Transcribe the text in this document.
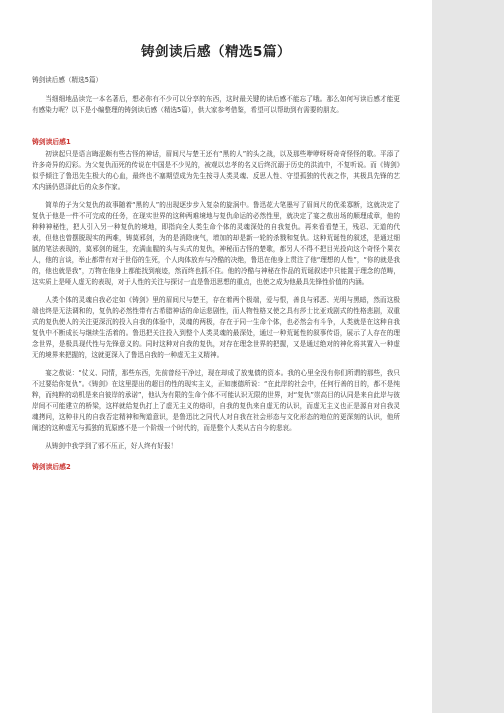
铸剑读后感（精选5篇）
铸剑读后感（精选5篇）

当细细地品读完一本名著后，想必你有不少可以分享的东西，这时最关键的读后感不能忘了哦。那么如何写读后感才能更有感染力呢？以下是小编整理的铸剑读后感（精选5篇），供大家参考借鉴，希望可以帮助到有需要的朋友。

铸剑读后感1

初读起只是语言晦涩颇有些古怪的神话，眉间尺与楚王还有“黑的人”的头之战，以及那些咿咿呀呀奇奇怪怪的歌。平添了许多奇异的幻彩。为父复仇而死的传说在中国是不少见的，被观以忠孝的名义后终沉溺于历史的洪流中，不复听说。而《铸剑》似乎倾注了鲁迅先生极大的心血，最终也不塞期望成为先生按寻人类灵魂、反思人性、守望孤独的代表之作，其极具先锋的艺术内涵仍恩泽此后的众多作家。

简单的子为父复仇的故事随着“黑的人”的出现逐步步入复杂的旋涡中。鲁迅花大笔墨写了眉间尺的优柔寡断，这就决定了复仇于他是一件不可完成的任务，在现实世界的这种两难境地与复仇命运的必然性里，就决定了宴之敖出场的顺理成章，他的种种神秘性，把人引入另一种复仇的境地，即指向全人类生命个体的灵魂深处的自我复仇。再来看看楚王，残忍、无道的代表，但他也曾摆脱现实的两难，铸莫邪剑，为的是消除庚气，增加的却是新一轮的杀戮和复仇。这种荒诞性的叙述，是通过细腻的笔法表现的，莫邪剑的诞生，充满血腥的头与头式的复仇，神秘而古怪的楚歌，都另人不得不把目光投向这个奇怪个果衣人，他的言谈，举止都带有对于世俗的生死，个人肉体放弃与冷酷的决绝，鲁迅在他身上贯注了他“理想的人性”，“你的就是我的，他也就是我”，万物在他身上都能找到痕迹，然而终也抓不住。他的冷酷与神秘在作品的荒诞叙述中只能置于理念的范畴，这实质上是哑人虚无的表现，对于人性的关注与探讨一直是鲁迅思想的重点，也使之成为他最具先锋性价值的内涵。

人类个体的灵魂自我必定如《铸剑》里的眉间尺与楚王，存在着两个极端，爱与恨，善良与邪恶、光明与黑暗，然而这极端也终是无法调和的，复仇的必然性带有古希腊神话的命运悲剧性，而人物性格又使之具有莎士比亚戏剧式的性格悲剧，双重式的复仇使人的关注更深沉的投入自我的体验中，灵魂的两极，存在于同一生命个体，也必然会有斗争，人类就是在这种自我复仇中不断成长与继续生活着的。鲁迅把关注投入到整个人类灵魂的最深处，通过一种荒诞性的叙事传语，展示了人存在的理念世界，是极具现代性与先锋意义的。同时这种对自我的复仇，对存在理念世界的把握，又是通过绝对的神化将其置入一种虚无的境界来把握的，这就更深入了鲁迅自我的一种虚无主义精神。

宴之敖说：“仗义、同情，那些东西，先前曾经干净过，现在却成了放鬼债的资本。我的心里全没有你们所谓的那些，我只不过要给你复仇”。《铸剑》在这里提出的超目的性的现实主义，正如康德所说：“在此岸的社会中，任何行善的目的，都不是纯粹，而纯粹的动机是来自彼岸的承诺”，他认为有限的生命个体不可能认识无限的世界，对“复仇”崇高目的认同是来自此岸与彼岸间不可能建立的桥梁，这样就给复仇打上了虚无主义的烙印，自我的复仇来自虚无的认识，而虚无主义也正是源自对自我灵魂拷问，这种非凡的自我否定精神和殉道意识，是鲁迅比之同代人对自我在社会形态与文化形态的地位的更深刻的认识，他所阐述的这种虚无与孤独的荒原感不是一个阶级一个时代的，而是整个人类从古自今的悲哀。

从铸剑中我学到了邪不压正，好人终有好报！

铸剑读后感2
